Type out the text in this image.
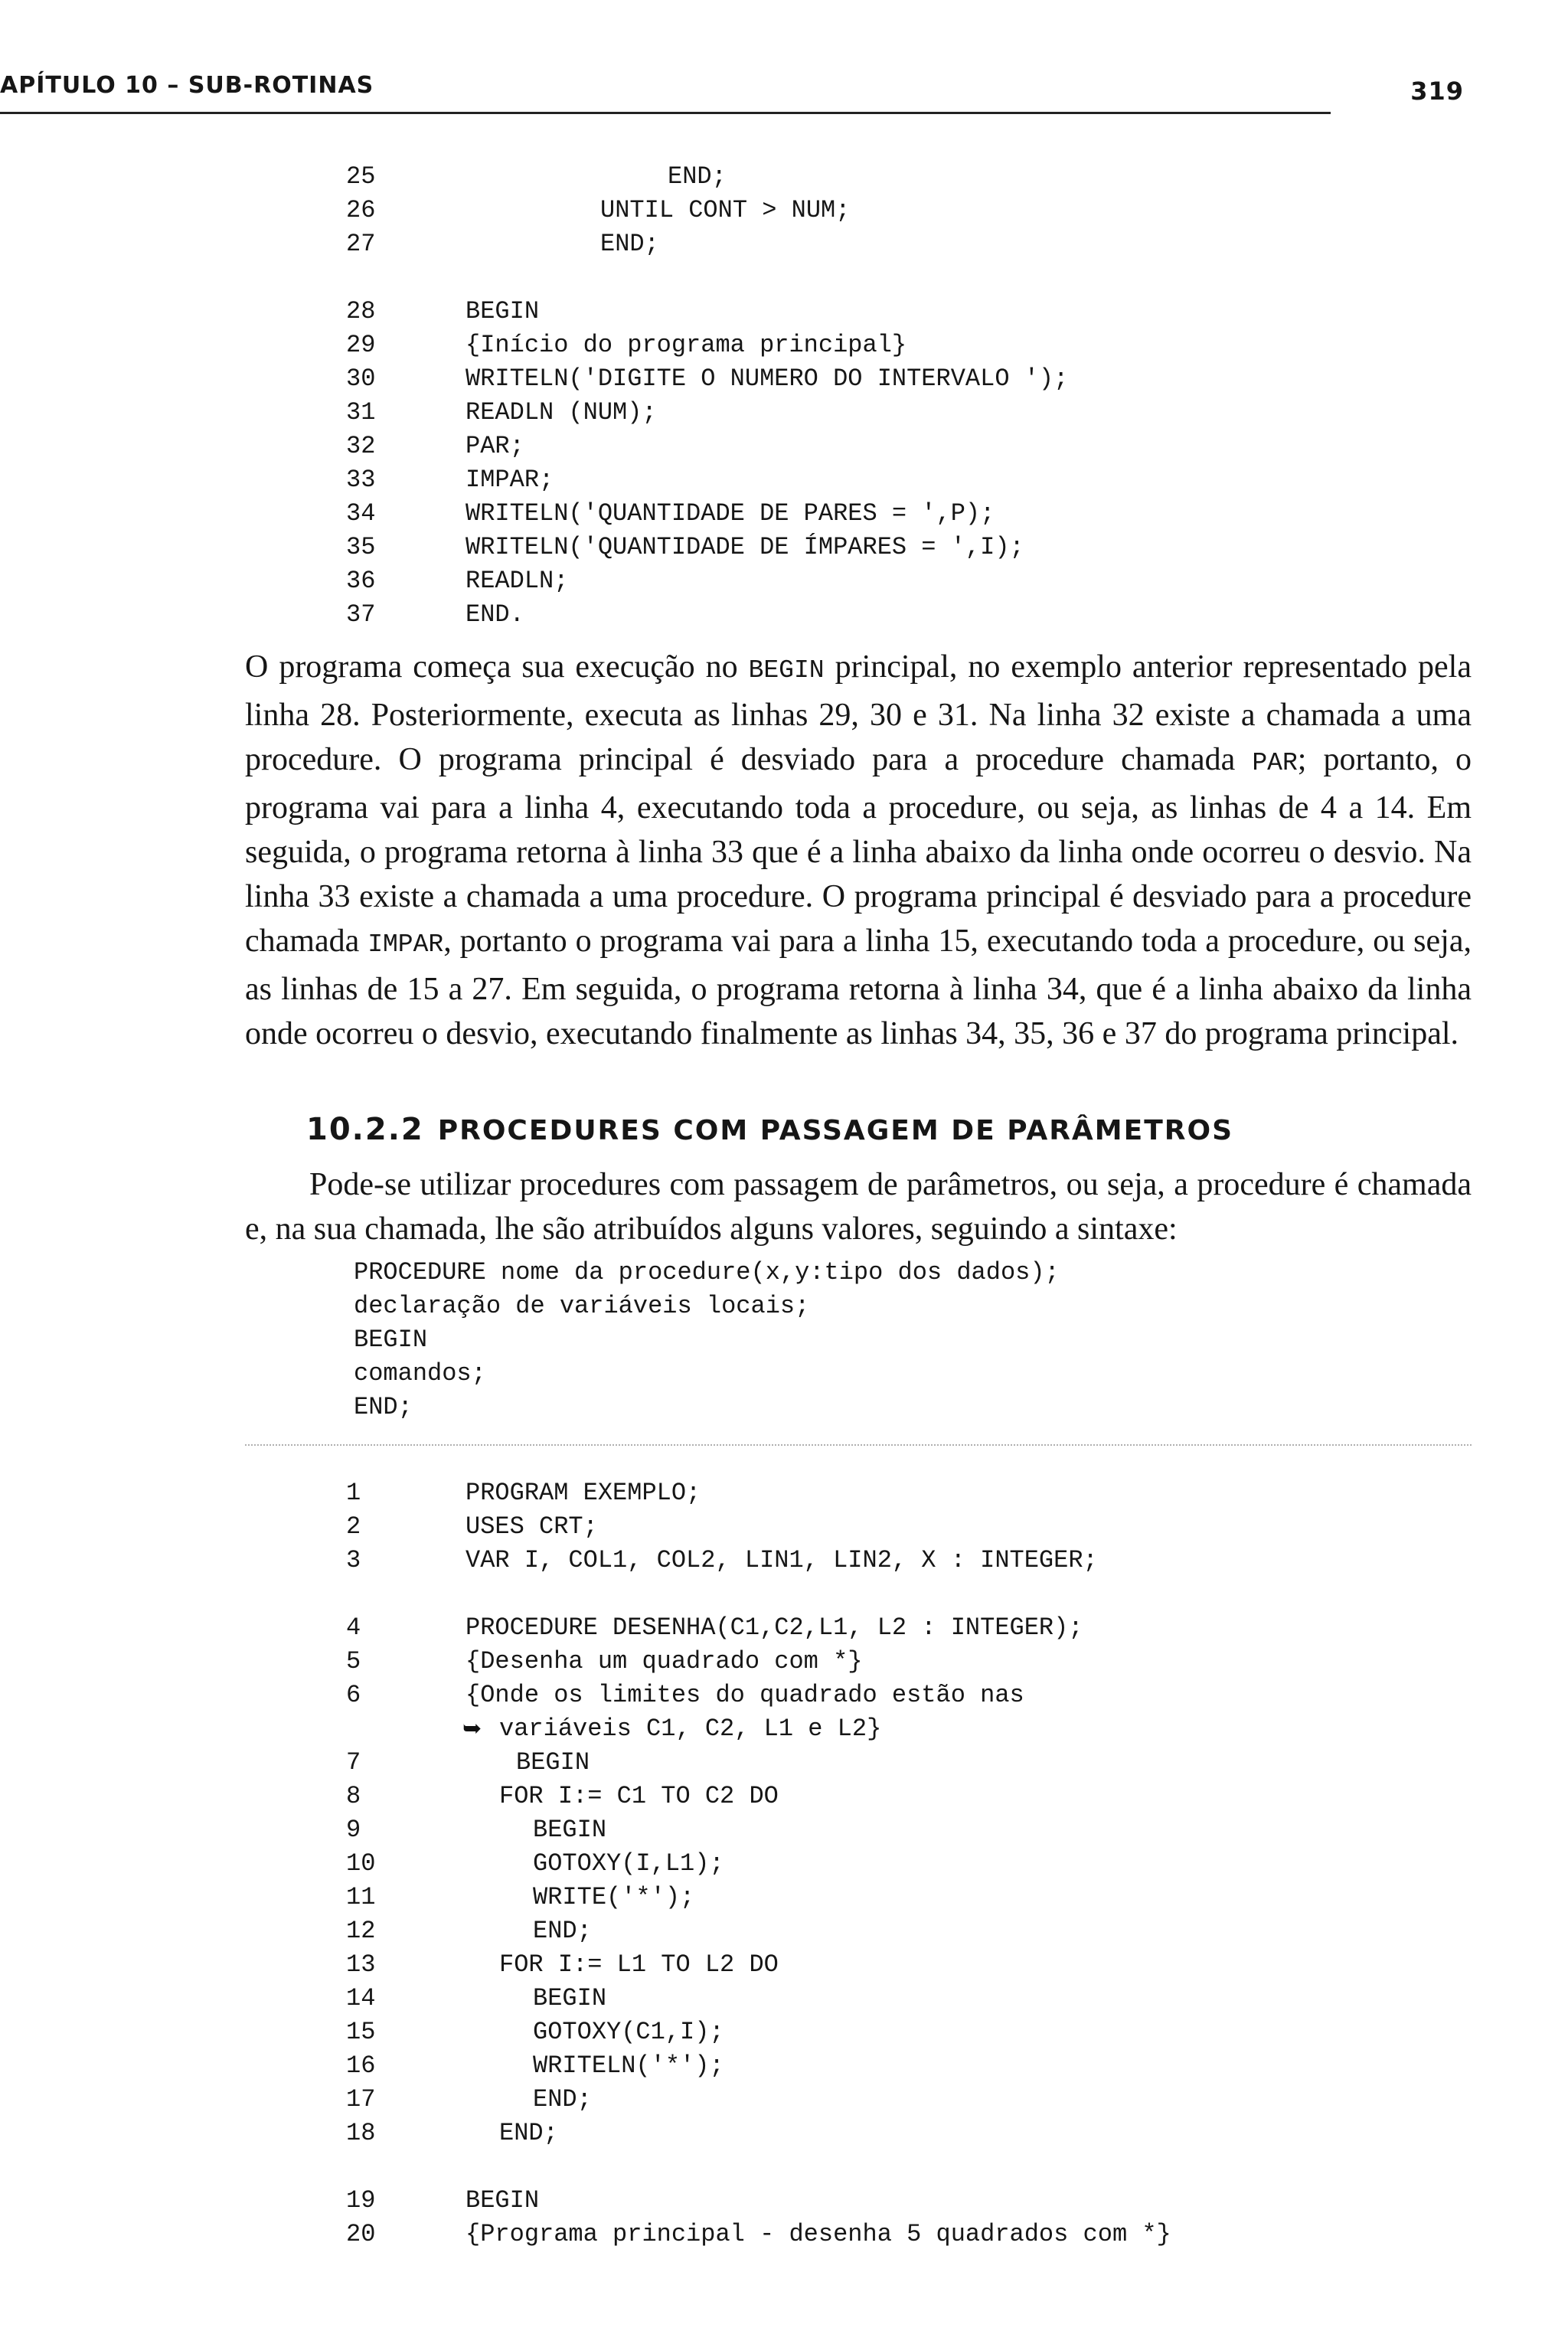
APÍTULO 10 – SUB-ROTINAS	319
25	END;
26	UNTIL CONT > NUM;
27	END;
28	BEGIN
29	{Início do programa principal}
30	WRITELN('DIGITE O NUMERO DO INTERVALO ');
31	READLN (NUM);
32	PAR;
33	IMPAR;
34	WRITELN('QUANTIDADE DE PARES = ',P);
35	WRITELN('QUANTIDADE DE ÍMPARES = ',I);
36	READLN;
37	END.
O programa começa sua execução no BEGIN principal, no exemplo anterior representado pela linha 28. Posteriormente, executa as linhas 29, 30 e 31. Na linha 32 existe a chamada a uma procedure. O programa principal é desviado para a procedure chamada PAR; portanto, o programa vai para a linha 4, executando toda a procedure, ou seja, as linhas de 4 a 14. Em seguida, o programa retorna à linha 33 que é a linha abaixo da linha onde ocorreu o desvio. Na linha 33 existe a chamada a uma procedure. O programa principal é desviado para a procedure chamada IMPAR, portanto o programa vai para a linha 15, executando toda a procedure, ou seja, as linhas de 15 a 27. Em seguida, o programa retorna à linha 34, que é a linha abaixo da linha onde ocorreu o desvio, executando finalmente as linhas 34, 35, 36 e 37 do programa principal.
10.2.2 PROCEDURES COM PASSAGEM DE PARÂMETROS
Pode-se utilizar procedures com passagem de parâmetros, ou seja, a procedure é chamada e, na sua chamada, lhe são atribuídos alguns valores, seguindo a sintaxe:
PROCEDURE nome da procedure(x,y:tipo dos dados);
declaração de variáveis locais;
BEGIN
comandos;
END;
1	PROGRAM EXEMPLO;
2	USES CRT;
3	VAR I, COL1, COL2, LIN1, LIN2, X : INTEGER;
4	PROCEDURE DESENHA(C1,C2,L1, L2 : INTEGER);
5	{Desenha um quadrado com *}
6	{Onde os limites do quadrado estão nas
➥ variáveis C1, C2, L1 e L2}
7	BEGIN
8	FOR I:= C1 TO C2 DO
9	BEGIN
10	GOTOXY(I,L1);
11	WRITE('*');
12	END;
13	FOR I:= L1 TO L2 DO
14	BEGIN
15	GOTOXY(C1,I);
16	WRITELN('*');
17	END;
18	END;
19	BEGIN
20	{Programa principal - desenha 5 quadrados com *}
